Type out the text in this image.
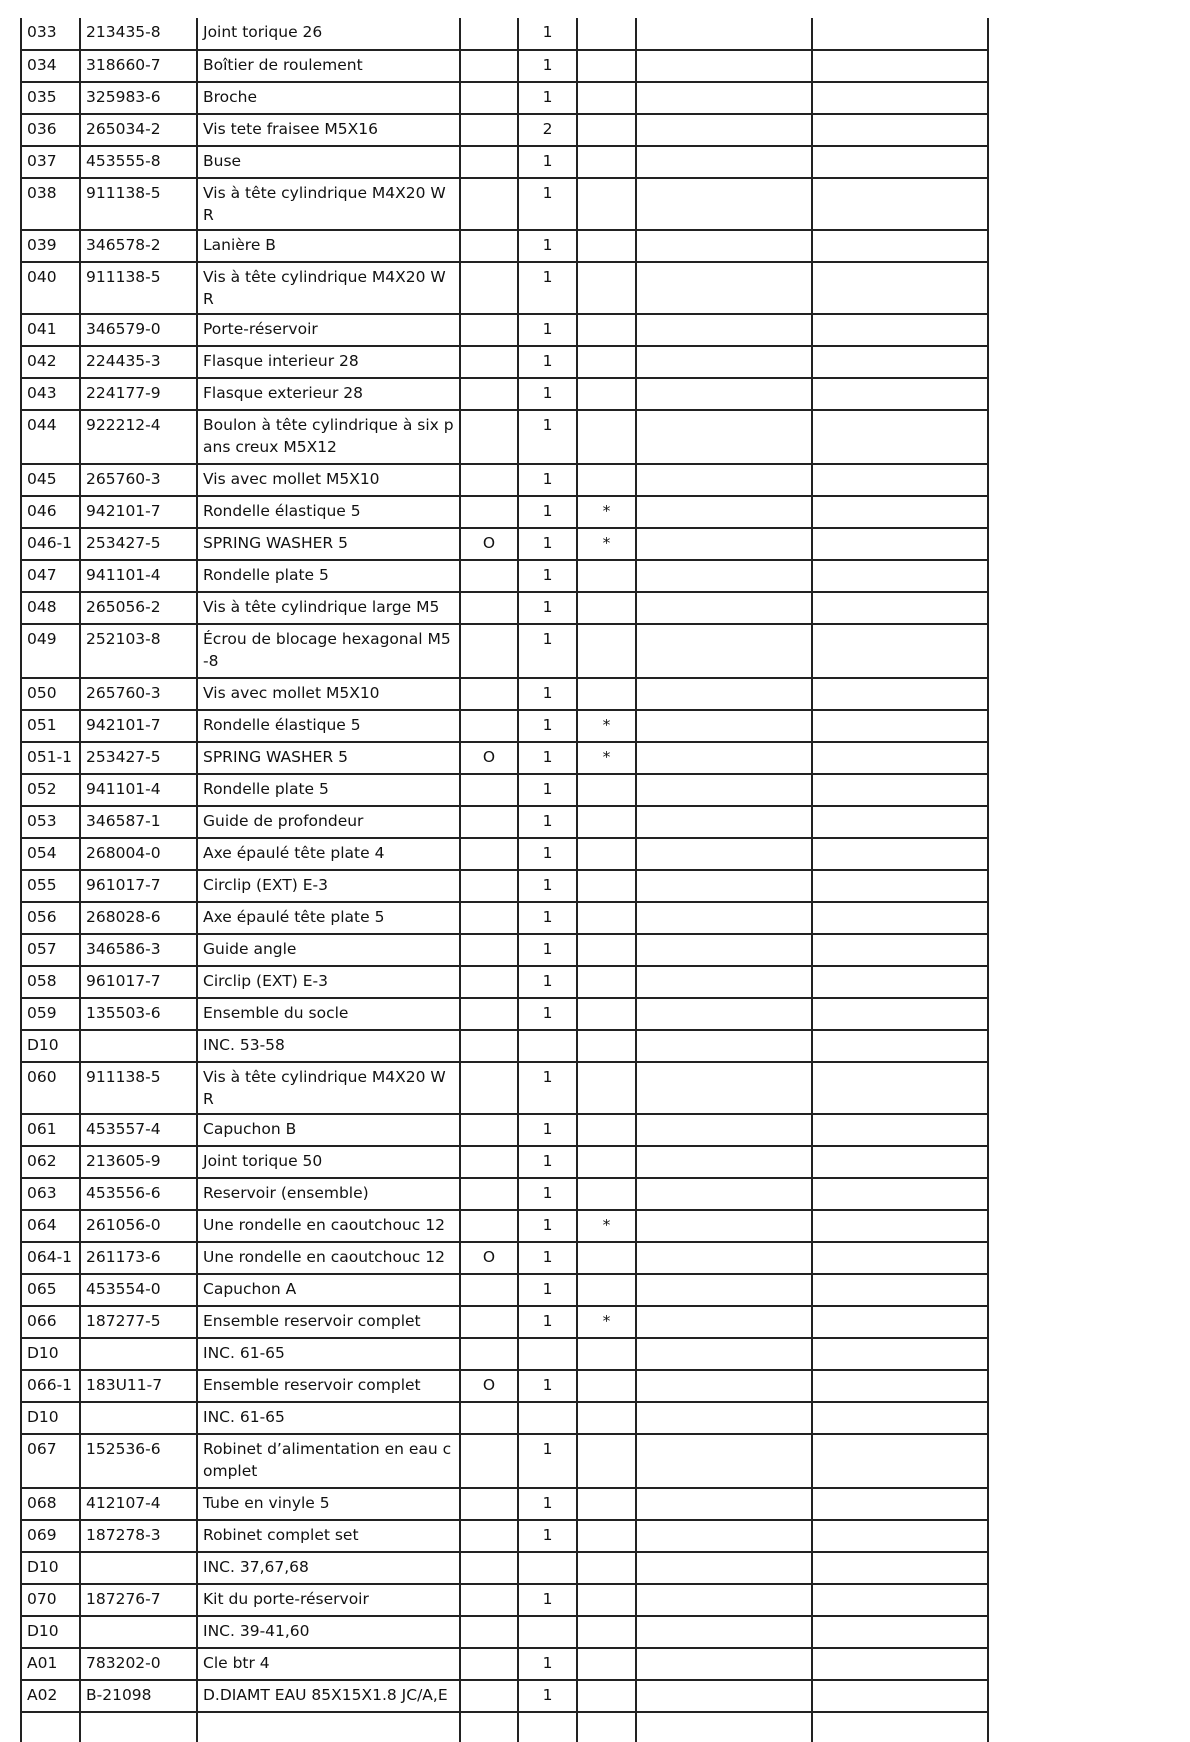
033	213435-8	Joint torique 26		1			
034	318660-7	Boîtier de roulement		1			
035	325983-6	Broche		1			
036	265034-2	Vis tete fraisee M5X16		2			
037	453555-8	Buse		1			
038	911138-5	Vis à tête cylindrique M4X20 WR		1			
039	346578-2	Lanière B		1			
040	911138-5	Vis à tête cylindrique M4X20 WR		1			
041	346579-0	Porte-réservoir		1			
042	224435-3	Flasque interieur 28		1			
043	224177-9	Flasque exterieur 28		1			
044	922212-4	Boulon à tête cylindrique à six pans creux M5X12		1			
045	265760-3	Vis avec mollet M5X10		1			
046	942101-7	Rondelle élastique 5		1	*		
046-1	253427-5	SPRING WASHER 5	O	1	*		
047	941101-4	Rondelle plate 5		1			
048	265056-2	Vis à tête cylindrique large M5		1			
049	252103-8	Écrou de blocage hexagonal M5-8		1			
050	265760-3	Vis avec mollet M5X10		1			
051	942101-7	Rondelle élastique 5		1	*		
051-1	253427-5	SPRING WASHER 5	O	1	*		
052	941101-4	Rondelle plate 5		1			
053	346587-1	Guide de profondeur		1			
054	268004-0	Axe épaulé tête plate 4		1			
055	961017-7	Circlip (EXT) E-3		1			
056	268028-6	Axe épaulé tête plate 5		1			
057	346586-3	Guide angle		1			
058	961017-7	Circlip (EXT) E-3		1			
059	135503-6	Ensemble du socle		1			
D10		INC. 53-58					
060	911138-5	Vis à tête cylindrique M4X20 WR		1			
061	453557-4	Capuchon B		1			
062	213605-9	Joint torique 50		1			
063	453556-6	Reservoir (ensemble)		1			
064	261056-0	Une rondelle en caoutchouc 12		1	*		
064-1	261173-6	Une rondelle en caoutchouc 12	O	1			
065	453554-0	Capuchon A		1			
066	187277-5	Ensemble reservoir complet		1	*		
D10		INC. 61-65					
066-1	183U11-7	Ensemble reservoir complet	O	1			
D10		INC. 61-65					
067	152536-6	Robinet d’alimentation en eau complet		1			
068	412107-4	Tube en vinyle 5		1			
069	187278-3	Robinet complet set		1			
D10		INC. 37,67,68					
070	187276-7	Kit du porte-réservoir		1			
D10		INC. 39-41,60					
A01	783202-0	Cle btr 4		1			
A02	B-21098	D.DIAMT EAU 85X15X1.8 JC/A,E		1			
